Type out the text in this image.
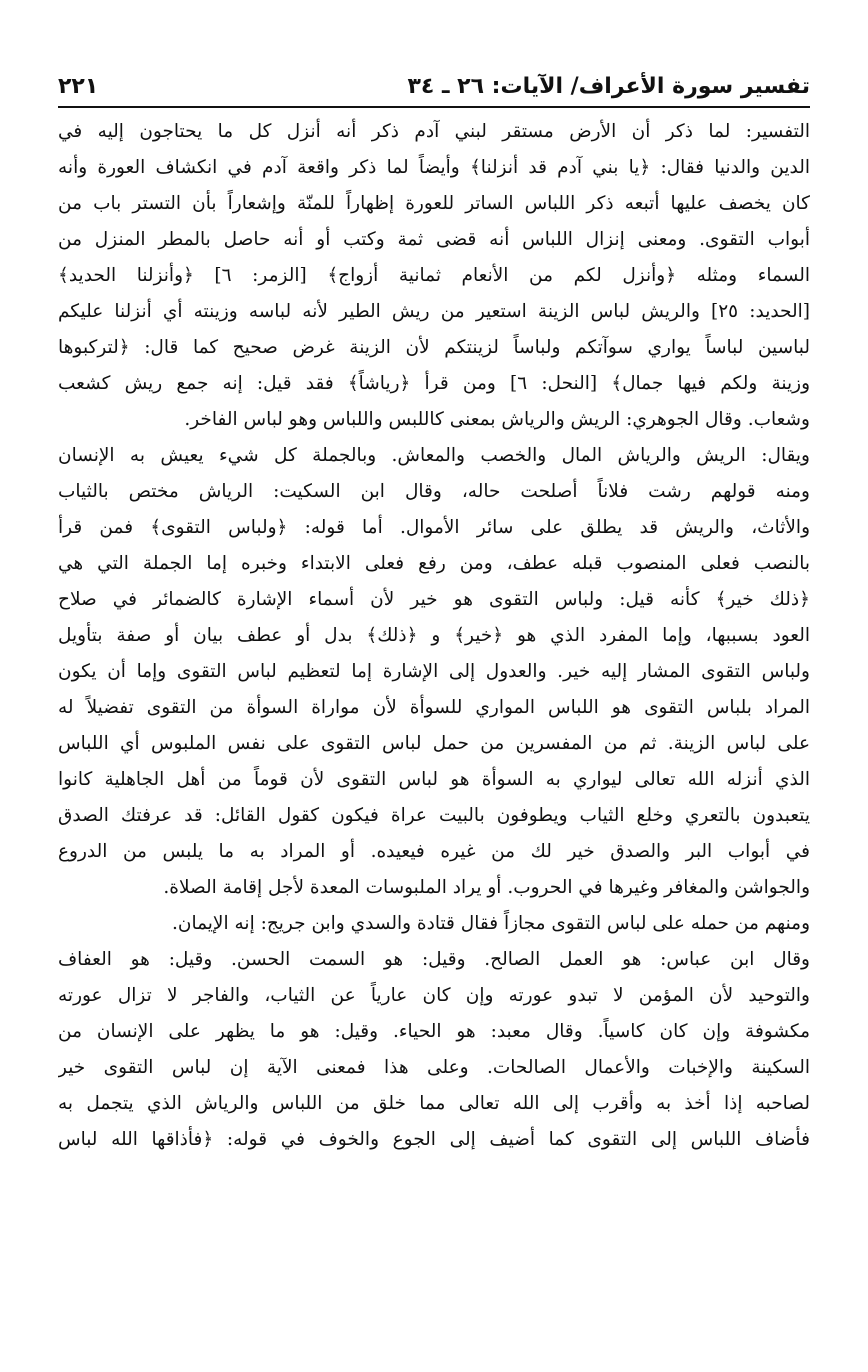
تفسير سورة الأعراف/ الآيات: ٢٦ ـ ٣٤
٢٢١
التفسير: لما ذكر أن الأرض مستقر لبني آدم ذكر أنه أنزل كل ما يحتاجون إليه في
الدين والدنيا فقال: ﴿يا بني آدم قد أنزلنا﴾ وأيضاً لما ذكر واقعة آدم في انكشاف العورة وأنه
كان يخصف عليها أتبعه ذكر اللباس الساتر للعورة إظهاراً للمنّة وإشعاراً بأن التستر باب من
أبواب التقوى. ومعنى إنزال اللباس أنه قضى ثمة وكتب أو أنه حاصل بالمطر المنزل من
السماء ومثله ﴿وأنزل لكم من الأنعام ثمانية أزواج﴾ [الزمر: ٦] ﴿وأنزلنا الحديد﴾
[الحديد: ٢٥] والريش لباس الزينة استعير من ريش الطير لأنه لباسه وزينته أي أنزلنا عليكم
لباسين لباساً يواري سوآتكم ولباساً لزينتكم لأن الزينة غرض صحيح كما قال: ﴿لتركبوها
وزينة ولكم فيها جمال﴾ [النحل: ٦] ومن قرأ ﴿رياشاً﴾ فقد قيل: إنه جمع ريش كشعب
وشعاب. وقال الجوهري: الريش والرياش بمعنى كاللبس واللباس وهو لباس الفاخر.
ويقال: الريش والرياش المال والخصب والمعاش. وبالجملة كل شيء يعيش به الإنسان
ومنه قولهم رشت فلاناً أصلحت حاله، وقال ابن السكيت: الرياش مختص بالثياب
والأثاث، والريش قد يطلق على سائر الأموال. أما قوله: ﴿ولباس التقوى﴾ فمن قرأ
بالنصب فعلى المنصوب قبله عطف، ومن رفع فعلى الابتداء وخبره إما الجملة التي هي
﴿ذلك خير﴾ كأنه قيل: ولباس التقوى هو خير لأن أسماء الإشارة كالضمائر في صلاح
العود بسببها، وإما المفرد الذي هو ﴿خير﴾ و ﴿ذلك﴾ بدل أو عطف بيان أو صفة بتأويل
ولباس التقوى المشار إليه خير. والعدول إلى الإشارة إما لتعظيم لباس التقوى وإما أن يكون
المراد بلباس التقوى هو اللباس المواري للسوأة لأن مواراة السوأة من التقوى تفضيلاً له
على لباس الزينة. ثم من المفسرين من حمل لباس التقوى على نفس الملبوس أي اللباس
الذي أنزله الله تعالى ليواري به السوأة هو لباس التقوى لأن قوماً من أهل الجاهلية كانوا
يتعبدون بالتعري وخلع الثياب ويطوفون بالبيت عراة فيكون كقول القائل: قد عرفتك الصدق
في أبواب البر والصدق خير لك من غيره فيعيده. أو المراد به ما يلبس من الدروع
والجواشن والمغافر وغيرها في الحروب. أو يراد الملبوسات المعدة لأجل إقامة الصلاة.
ومنهم من حمله على لباس التقوى مجازاً فقال قتادة والسدي وابن جريج: إنه الإيمان.
وقال ابن عباس: هو العمل الصالح. وقيل: هو السمت الحسن. وقيل: هو العفاف
والتوحيد لأن المؤمن لا تبدو عورته وإن كان عارياً عن الثياب، والفاجر لا تزال عورته
مكشوفة وإن كان كاسياً. وقال معبد: هو الحياء. وقيل: هو ما يظهر على الإنسان من
السكينة والإخبات والأعمال الصالحات. وعلى هذا فمعنى الآية إن لباس التقوى خير
لصاحبه إذا أخذ به وأقرب إلى الله تعالى مما خلق من اللباس والرياش الذي يتجمل به
فأضاف اللباس إلى التقوى كما أضيف إلى الجوع والخوف في قوله: ﴿فأذاقها الله لباس
